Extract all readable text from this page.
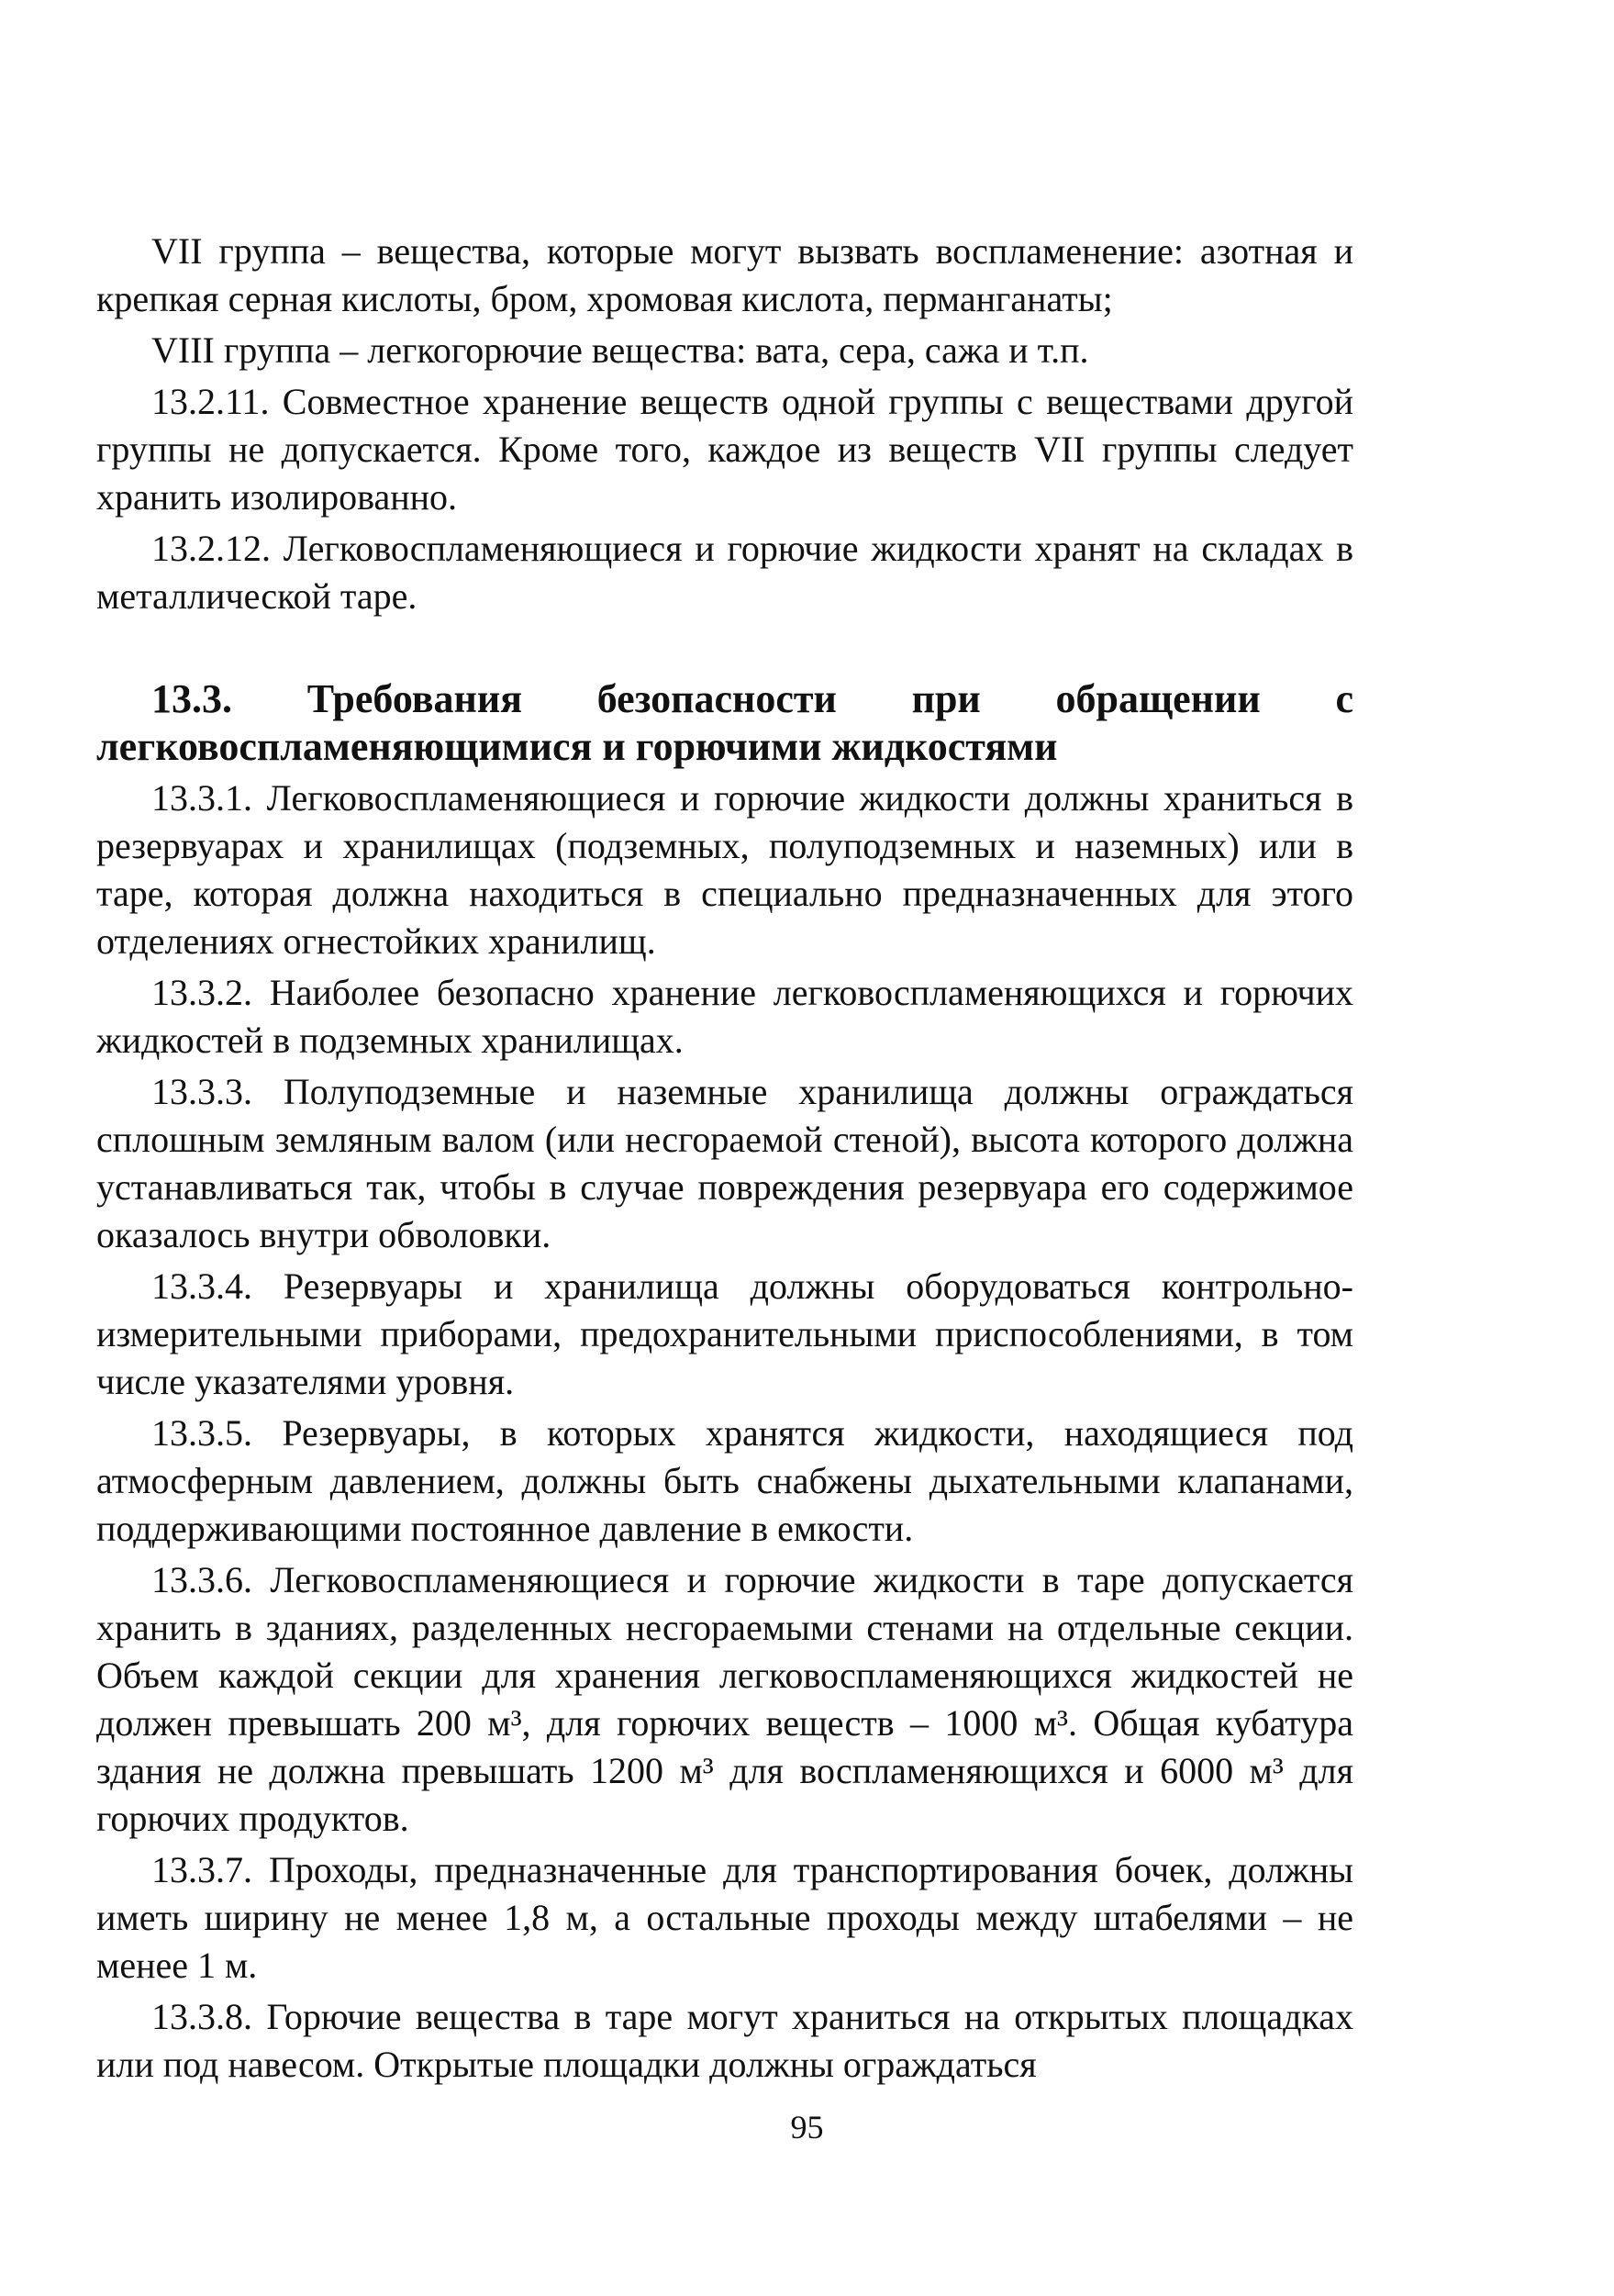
VII группа – вещества, которые могут вызвать воспламенение: азотная и крепкая серная кислоты, бром, хромовая кислота, перманганаты;

VIII группа – легкогорючие вещества: вата, сера, сажа и т.п.

13.2.11. Совместное хранение веществ одной группы с веществами другой группы не допускается. Кроме того, каждое из веществ VII группы следует хранить изолированно.

13.2.12. Легковоспламеняющиеся и горючие жидкости хранят на складах в металлической таре.

13.3. Требования безопасности при обращении с легковоспламеняющимися и горючими жидкостями

13.3.1. Легковоспламеняющиеся и горючие жидкости должны храниться в резервуарах и хранилищах (подземных, полуподземных и наземных) или в таре, которая должна находиться в специально предназначенных для этого отделениях огнестойких хранилищ.

13.3.2. Наиболее безопасно хранение легковоспламеняющихся и горючих жидкостей в подземных хранилищах.

13.3.3. Полуподземные и наземные хранилища должны ограждаться сплошным земляным валом (или несгораемой стеной), высота которого должна устанавливаться так, чтобы в случае повреждения резервуара его содержимое оказалось внутри обволовки.

13.3.4. Резервуары и хранилища должны оборудоваться контрольно-измерительными приборами, предохранительными приспособлениями, в том числе указателями уровня.

13.3.5. Резервуары, в которых хранятся жидкости, находящиеся под атмосферным давлением, должны быть снабжены дыхательными клапанами, поддерживающими постоянное давление в емкости.

13.3.6. Легковоспламеняющиеся и горючие жидкости в таре допускается хранить в зданиях, разделенных несгораемыми стенами на отдельные секции. Объем каждой секции для хранения легковоспламеняющихся жидкостей не должен превышать 200 м³, для горючих веществ – 1000 м³. Общая кубатура здания не должна превышать 1200 м³ для воспламеняющихся и 6000 м³ для горючих продуктов.

13.3.7. Проходы, предназначенные для транспортирования бочек, должны иметь ширину не менее 1,8 м, а остальные проходы между штабелями – не менее 1 м.

13.3.8. Горючие вещества в таре могут храниться на открытых площадках или под навесом. Открытые площадки должны ограждаться

95
